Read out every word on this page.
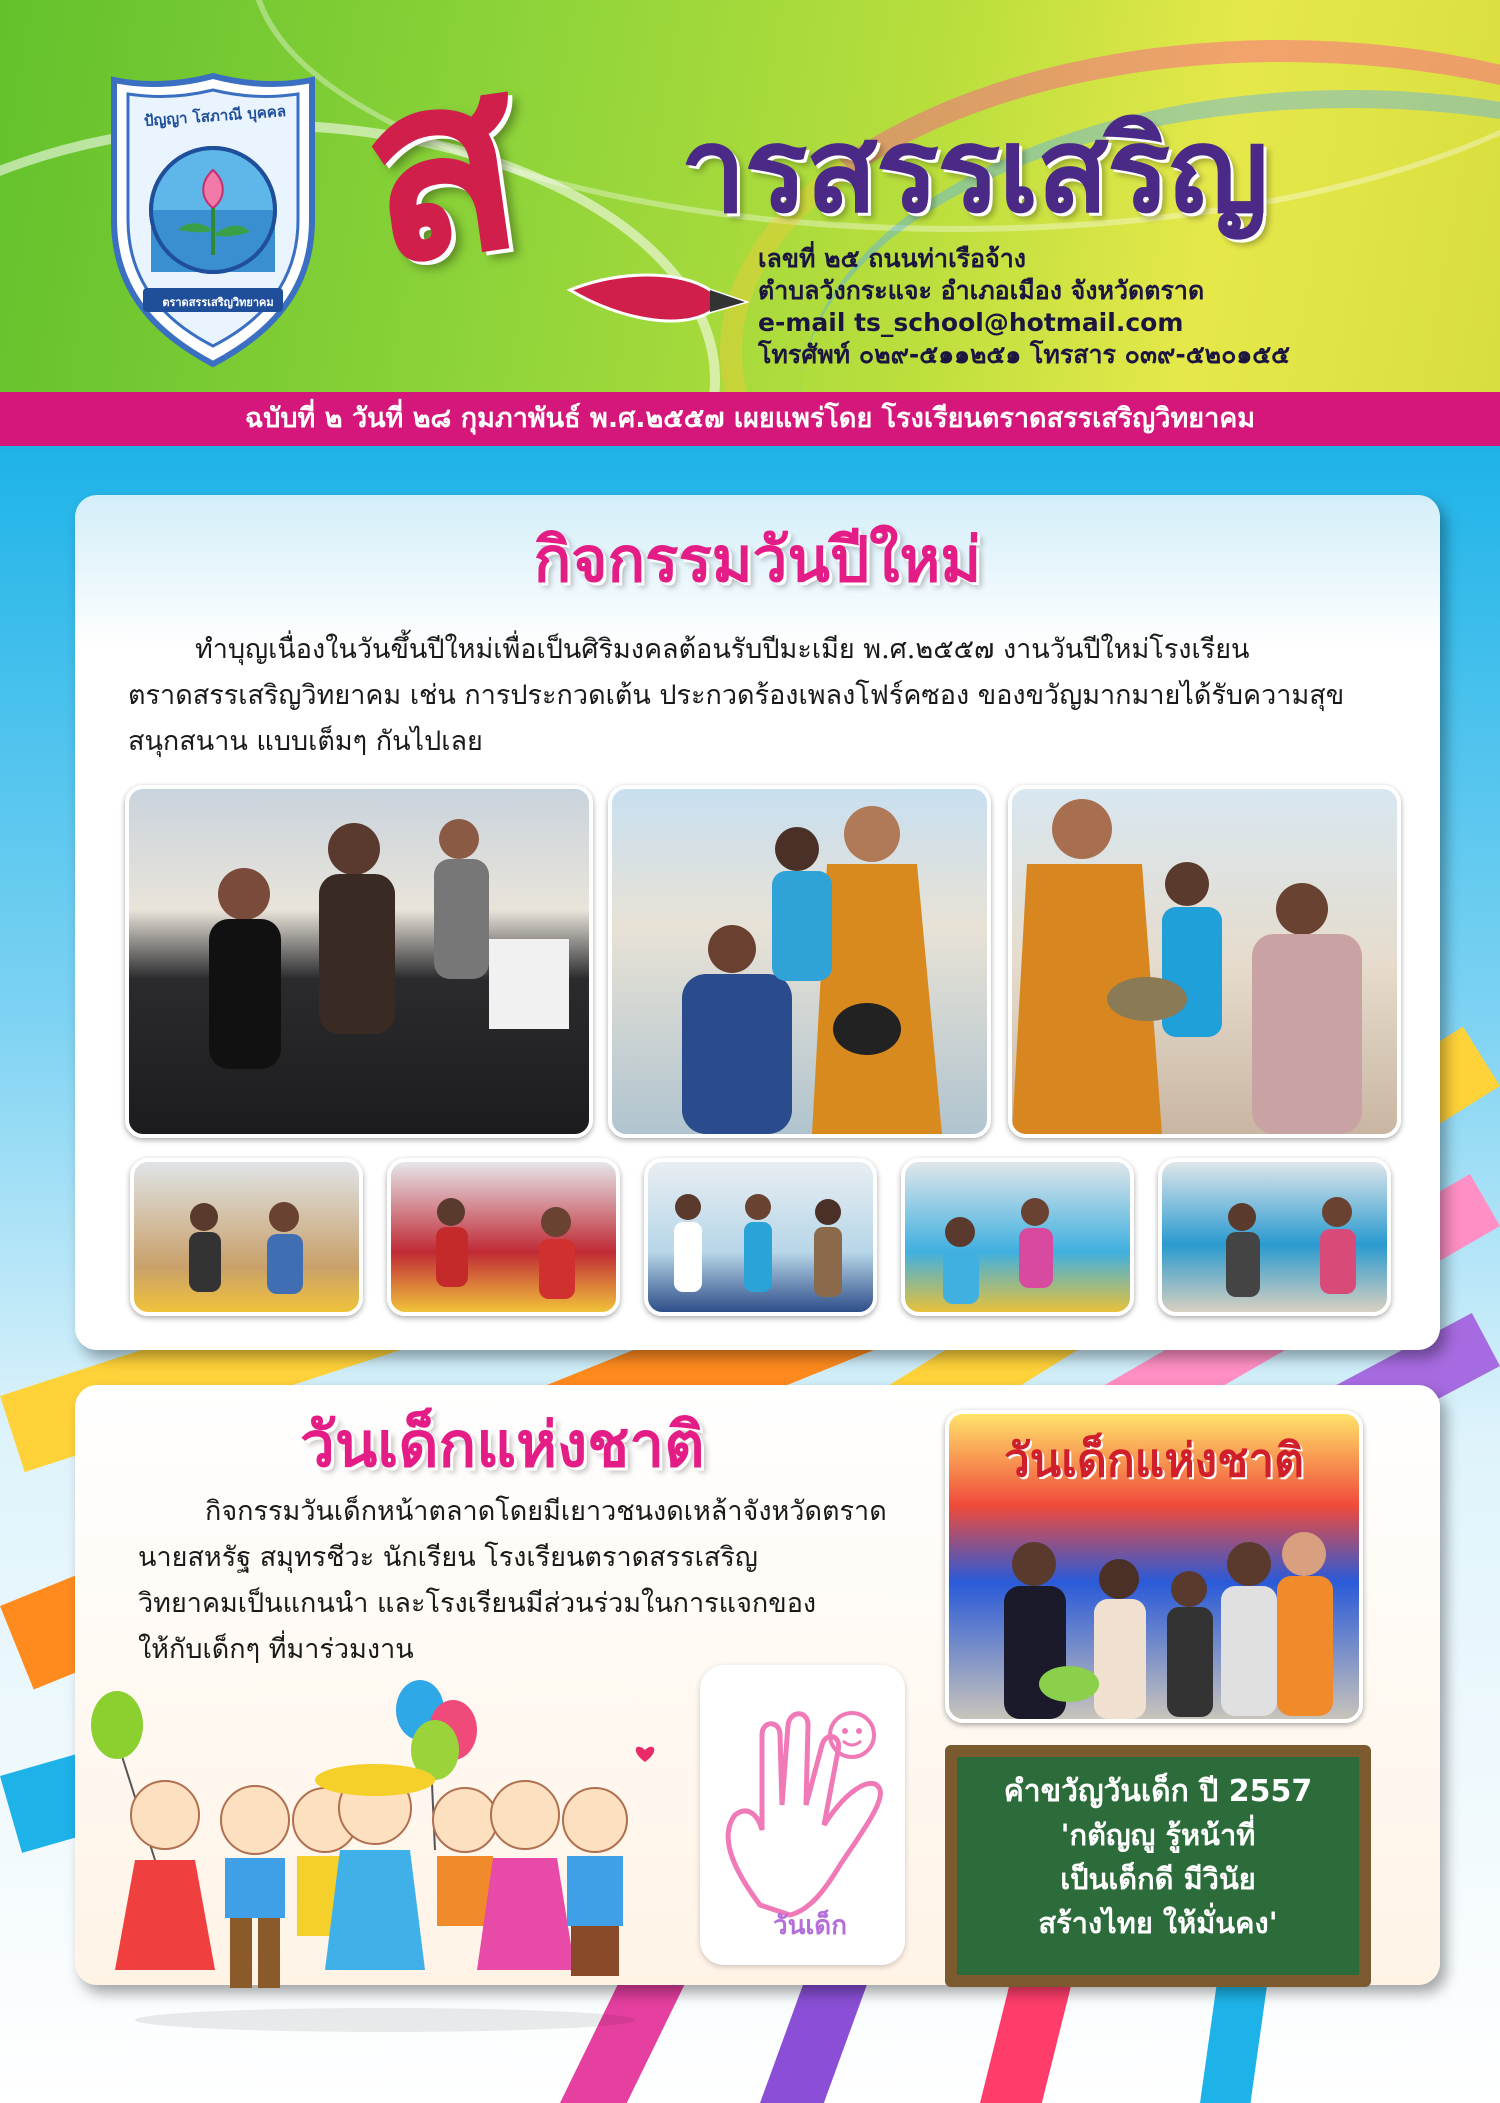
ปัญญา โสภาณี บุคคล
ตราดสรรเสริญวิทยาคม ส ารสรรเสริญ
เลขที่ ๒๕ ถนนท่าเรือจ้าง
ตำบลวังกระแจะ อำเภอเมือง จังหวัดตราด
e-mail ts_school@hotmail.com
โทรศัพท์ ๐๒๙-๕๑๑๒๕๑ โทรสาร ๐๓๙-๕๒๐๑๕๕
ฉบับที่ ๒ วันที่ ๒๘ กุมภาพันธ์ พ.ศ.๒๕๕๗ เผยแพร่โดย โรงเรียนตราดสรรเสริญวิทยาคม
กิจกรรมวันปีใหม่
ทำบุญเนื่องในวันขึ้นปีใหม่เพื่อเป็นศิริมงคลต้อนรับปีมะเมีย พ.ศ.๒๕๕๗ งานวันปีใหม่โรงเรียน
ตราดสรรเสริญวิทยาคม เช่น การประกวดเต้น ประกวดร้องเพลงโฟร์คซอง ของขวัญมากมายได้รับความสุข
สนุกสนาน แบบเต็มๆ กันไปเลย
วันเด็กแห่งชาติ
กิจกรรมวันเด็กหน้าตลาดโดยมีเยาวชนงดเหล้าจังหวัดตราด
นายสหรัฐ สมุทรชีวะ นักเรียน โรงเรียนตราดสรรเสริญ
วิทยาคมเป็นแกนนำ และโรงเรียนมีส่วนร่วมในการแจกของ
ให้กับเด็กๆ ที่มาร่วมงาน
วันเด็ก
วันเด็กแห่งชาติ
คำขวัญวันเด็ก ปี 2557
'กตัญญู รู้หน้าที่
เป็นเด็กดี มีวินัย
สร้างไทย ให้มั่นคง'
